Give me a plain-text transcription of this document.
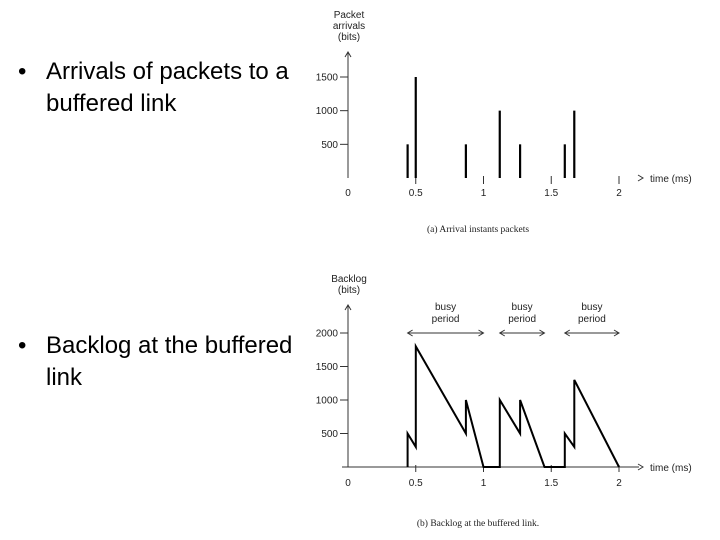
• Arrivals of packets to a buffered link
• Backlog at the buffered link
Packet
arrivals
(bits)
500
1000
1500
time (ms)
0	0.5	1	1.5	2
(a) Arrival instants packets
Backlog
(bits)
500
1000
1500
2000
time (ms)
0	0.5	1	1.5	2
(b) Backlog at the buffered link.
busy
period
busy
period
busy
period
